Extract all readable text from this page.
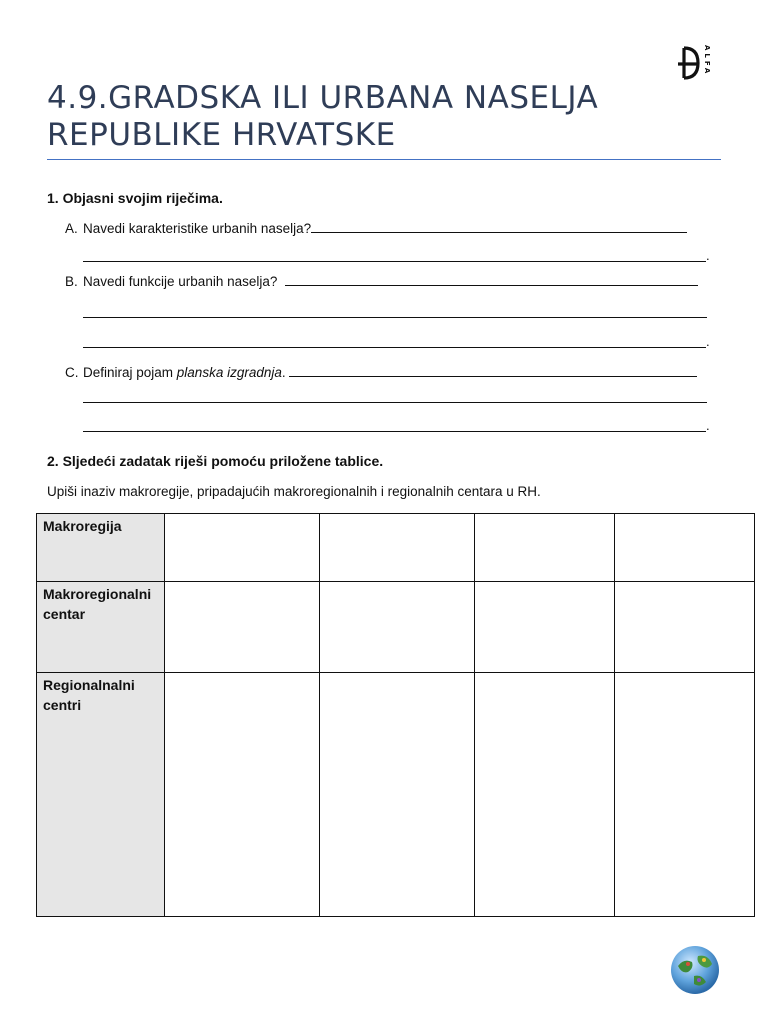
ALFA
4.9.GRADSKA ILI URBANA NASELJA
REPUBLIKE HRVATSKE
1. Objasni svojim riječima.
A. Navedi karakteristike urbanih naselja?
.
B. Navedi funkcije urbanih naselja?
.
C. Definiraj pojam planska izgradnja.
.
2. Sljedeći zadatak riješi pomoću priložene tablice.
Upiši inaziv makroregije, pripadajućih makroregionalnih i regionalnih centara u RH.
Makroregija				

Makroregionalni
centar				

Regionalnalni
centri				
